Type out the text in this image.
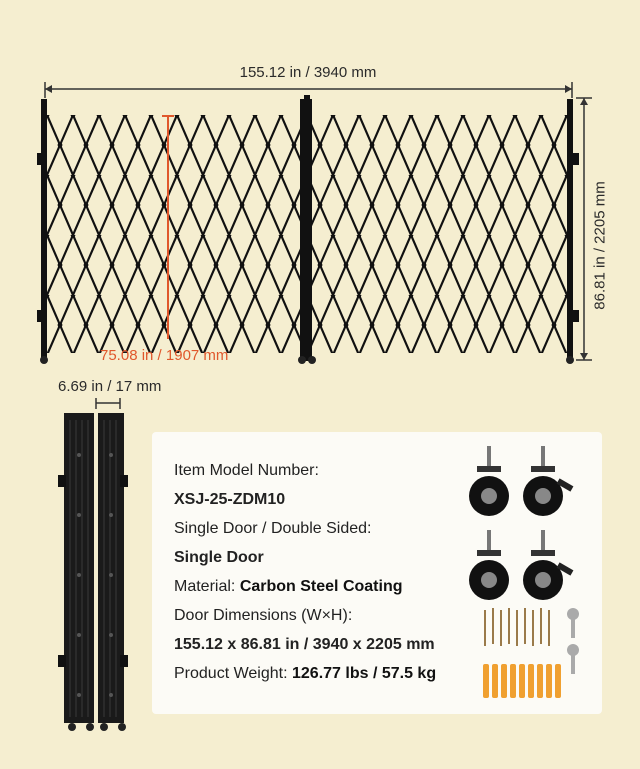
155.12 in / 3940 mm
86.81 in / 2205 mm
75.08 in / 1907 mm
6.69 in / 17 mm
Item Model Number:
XSJ-25-ZDM10
Single Door / Double Sided:
Single Door
Material: Carbon Steel Coating
Door Dimensions (W×H):
155.12 x 86.81 in / 3940 x 2205 mm
Product Weight: 126.77 lbs / 57.5 kg
